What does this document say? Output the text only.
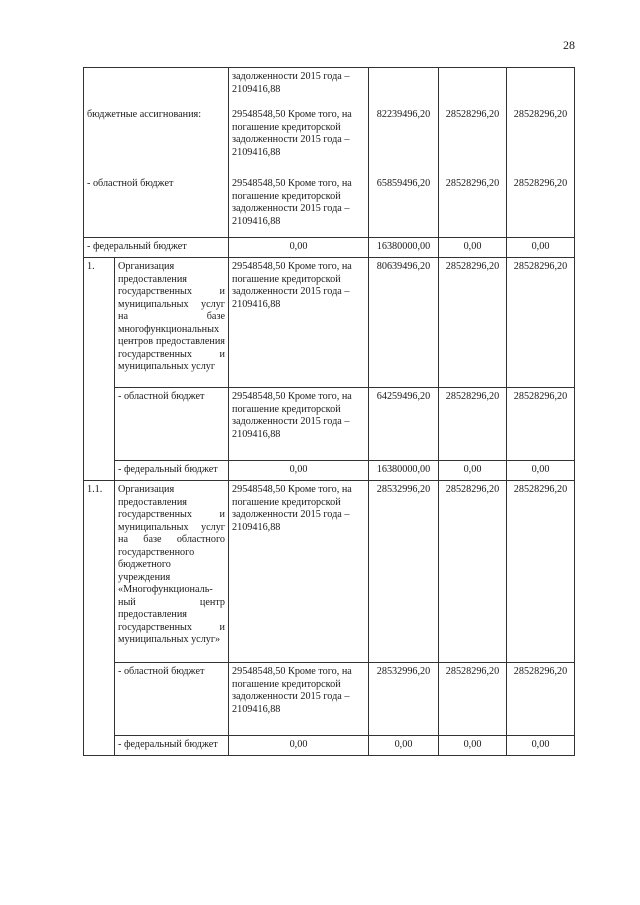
28
		задолженности 2015 года – 2109416,88			
бюджетные ассигнования:		29548548,50 Кроме того, на погашение кредиторской задолженности 2015 года – 2109416,88	82239496,20	28528296,20	28528296,20
- областной бюджет		29548548,50 Кроме того, на погашение кредиторской задолженности 2015 года – 2109416,88	65859496,20	28528296,20	28528296,20
- федеральный бюджет		0,00	16380000,00	0,00	0,00
1.	Организация предоставления государственных и муниципальных услуг на базе многофункциональных центров предоставления государственных и муниципальных услуг	29548548,50 Кроме того, на погашение кредиторской задолженности 2015 года – 2109416,88	80639496,20	28528296,20	28528296,20
	- областной бюджет	29548548,50 Кроме того, на погашение кредиторской задолженности 2015 года – 2109416,88	64259496,20	28528296,20	28528296,20
	- федеральный бюджет	0,00	16380000,00	0,00	0,00
1.1.	Организация предоставления государственных и муниципальных услуг на базе областного государственного бюджетного учреждения «Многофункциональ-ный центр предоставления государственных и муниципальных услуг»	29548548,50 Кроме того, на погашение кредиторской задолженности 2015 года – 2109416,88	28532996,20	28528296,20	28528296,20
	- областной бюджет	29548548,50 Кроме того, на погашение кредиторской задолженности 2015 года – 2109416,88	28532996,20	28528296,20	28528296,20
	- федеральный бюджет	0,00	0,00	0,00	0,00
